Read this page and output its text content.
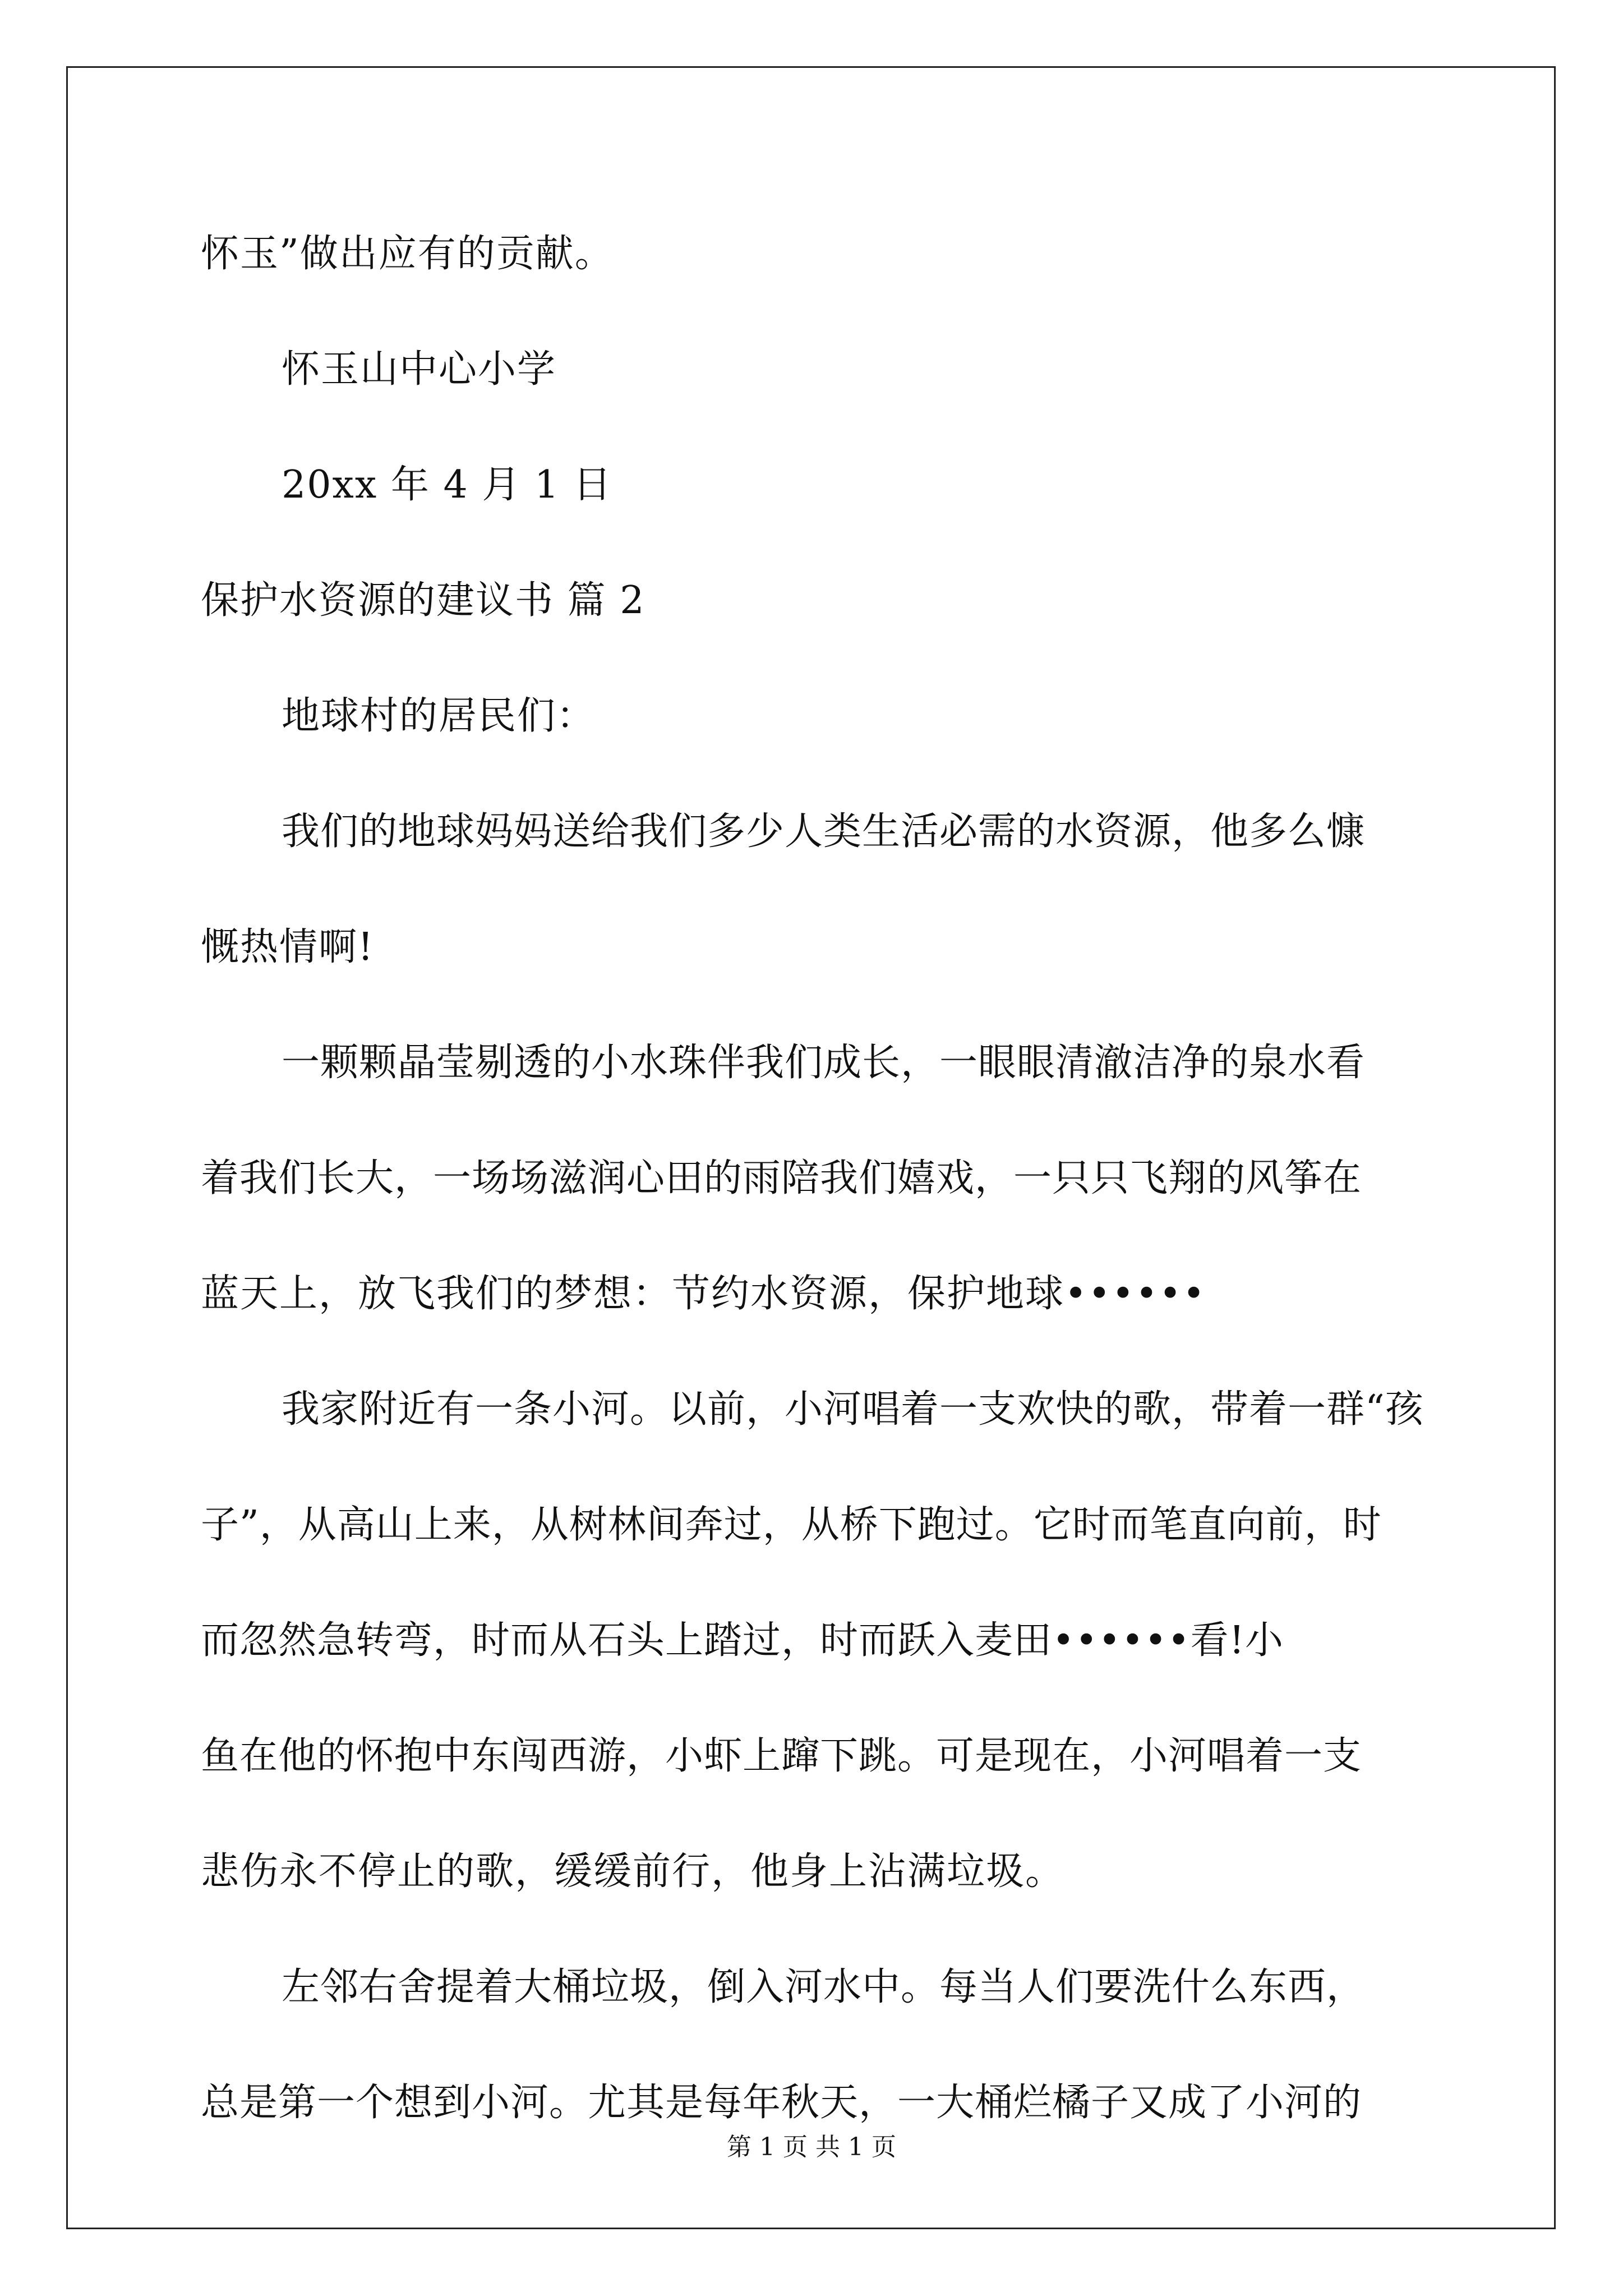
怀玉”做出应有的贡献。
怀玉山中心小学
20xx 年 4 月 1 日
保护水资源的建议书 篇 2
地球村的居民们：
我们的地球妈妈送给我们多少人类生活必需的水资源，他多么慷
慨热情啊!
一颗颗晶莹剔透的小水珠伴我们成长，一眼眼清澈洁净的泉水看
着我们长大，一场场滋润心田的雨陪我们嬉戏，一只只飞翔的风筝在
蓝天上，放飞我们的梦想：节约水资源，保护地球••••••
我家附近有一条小河。以前，小河唱着一支欢快的歌，带着一群“孩
子”，从高山上来，从树林间奔过，从桥下跑过。它时而笔直向前，时
而忽然急转弯，时而从石头上踏过，时而跃入麦田••••••看!小
鱼在他的怀抱中东闯西游，小虾上蹿下跳。可是现在，小河唱着一支
悲伤永不停止的歌，缓缓前行，他身上沾满垃圾。
左邻右舍提着大桶垃圾，倒入河水中。每当人们要洗什么东西，
总是第一个想到小河。尤其是每年秋天，一大桶烂橘子又成了小河的
第 1 页 共 1 页
